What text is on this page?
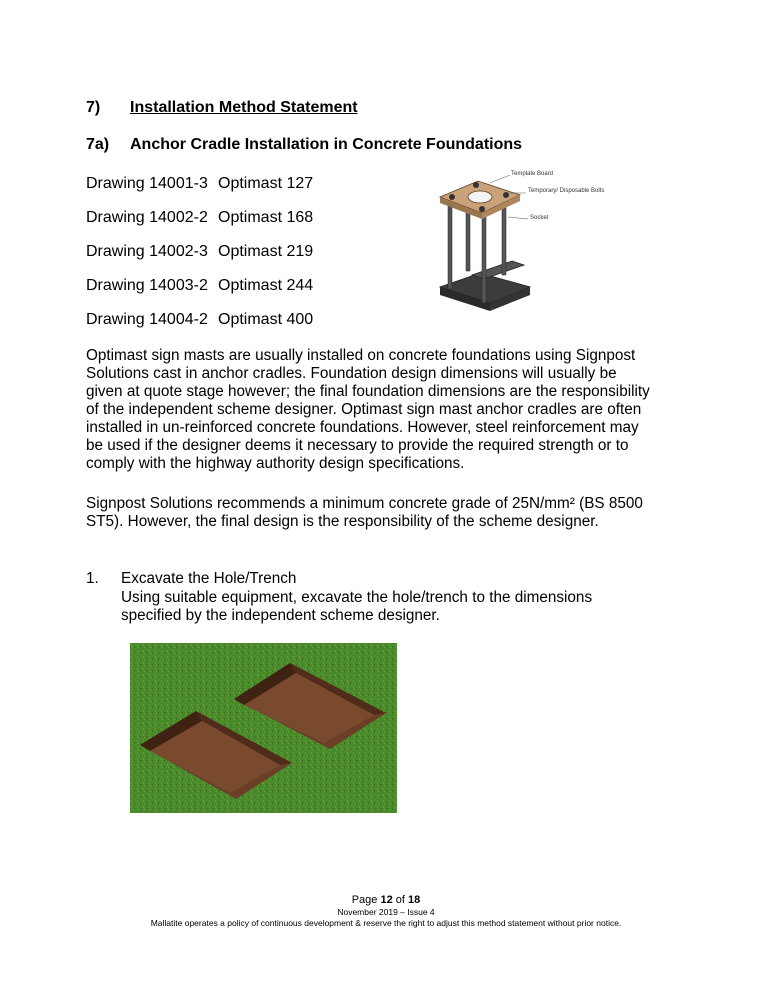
7) Installation Method Statement
7a) Anchor Cradle Installation in Concrete Foundations
Drawing 14001-3 Optimast 127
Drawing 14002-2 Optimast 168
Drawing 14002-3 Optimast 219
Drawing 14003-2 Optimast 244
Drawing 14004-2 Optimast 400
Template Board
Temporary/ Disposable Bolts
Socket

Optimast sign masts are usually installed on concrete foundations using Signpost

Solutions cast in anchor cradles. Foundation design dimensions will usually be

given at quote stage however; the final foundation dimensions are the responsibility

of the independent scheme designer. Optimast sign mast anchor cradles are often

installed in un-reinforced concrete foundations. However, steel reinforcement may

be used if the designer deems it necessary to provide the required strength or to

comply with the highway authority design specifications.

Signpost Solutions recommends a minimum concrete grade of 25N/mm² (BS 8500

ST5). However, the final design is the responsibility of the scheme designer.

1. Excavate the Hole/Trench

Using suitable equipment, excavate the hole/trench to the dimensions

specified by the independent scheme designer.

Page 12 of 18
November 2019 – Issue 4
Mallatite operates a policy of continuous development & reserve the right to adjust this method statement without prior notice.
